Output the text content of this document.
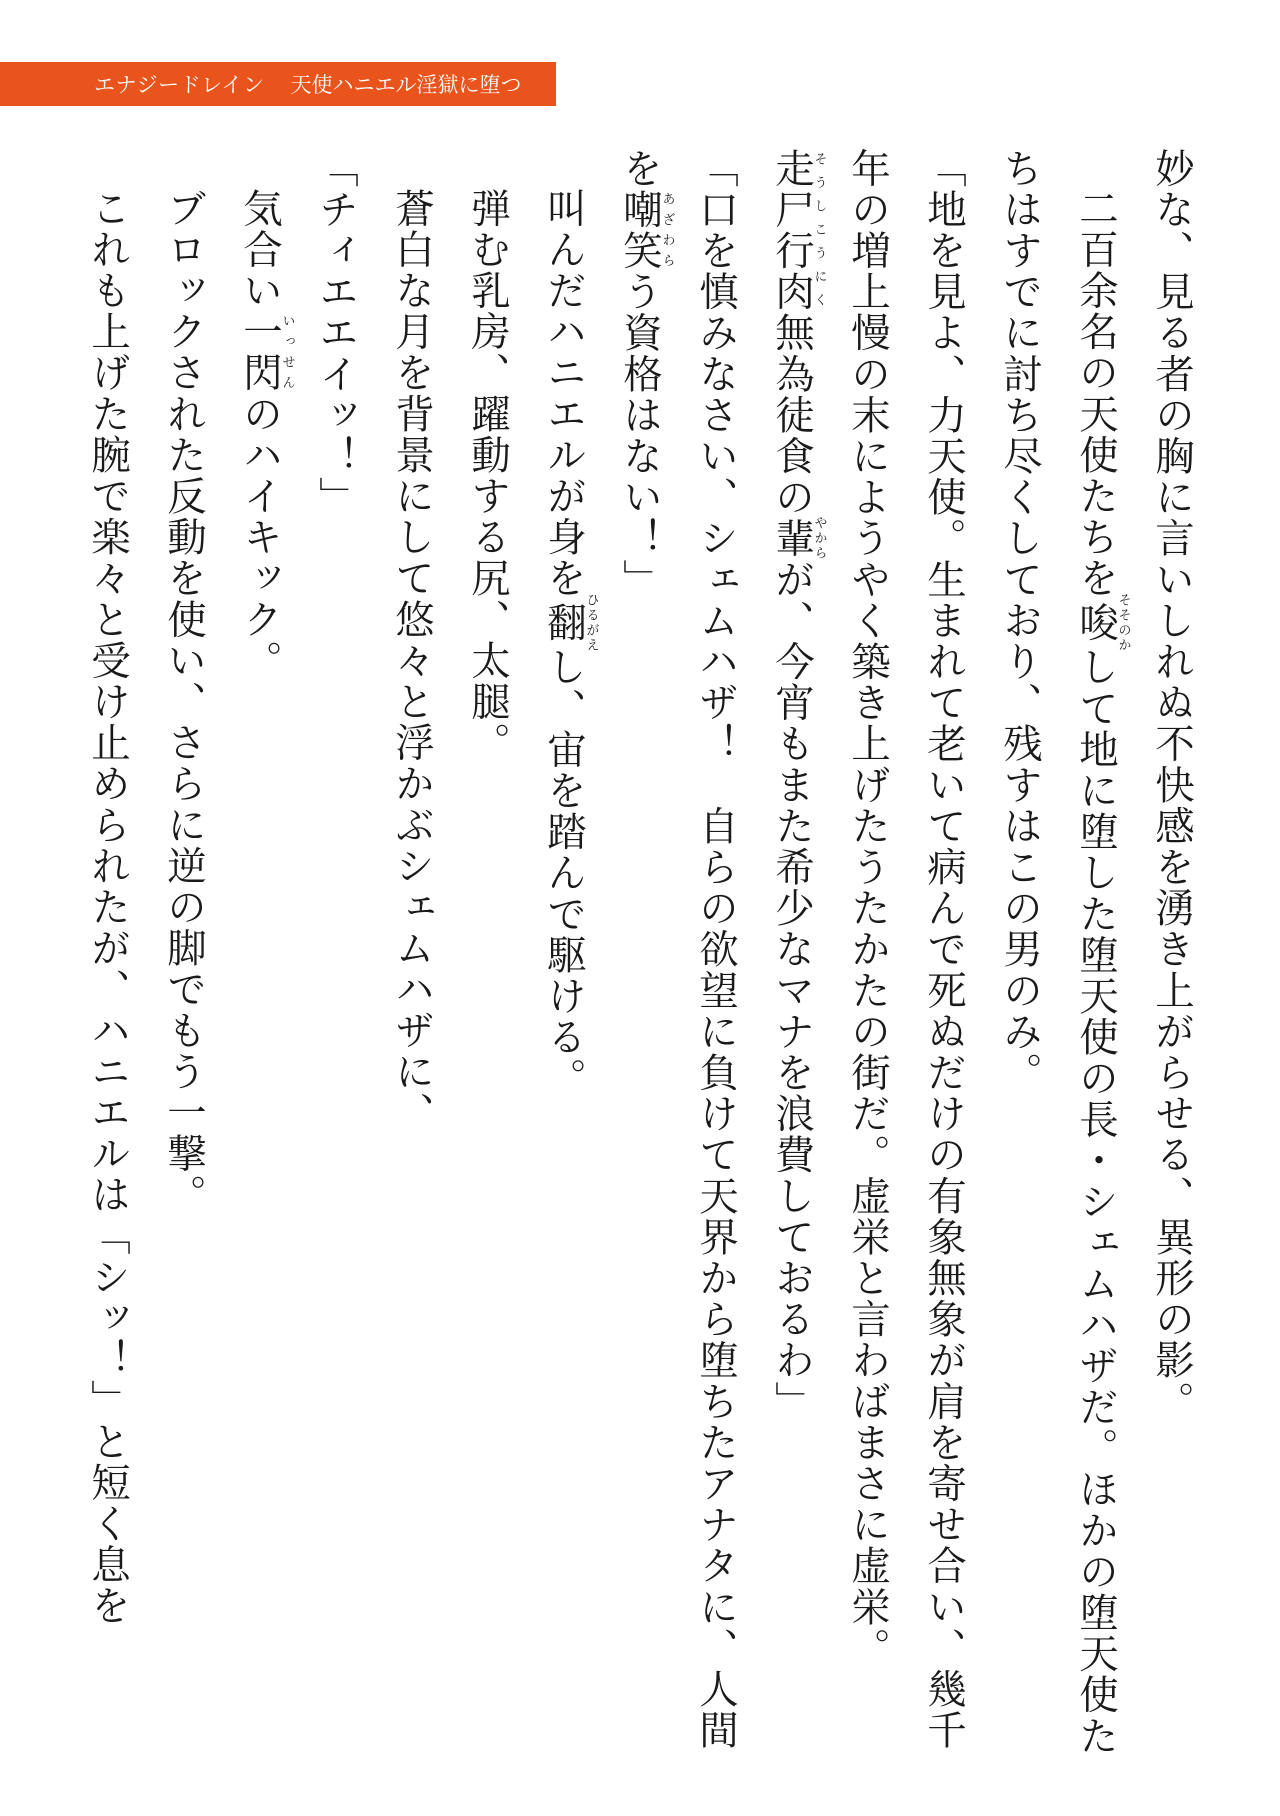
エナジードレイン 天使ハニエル淫獄に堕つ

妙な、見る者の胸に言いしれぬ不快感を湧き上がらせる、異形の影。

二百余名の天使たちを唆そそのかして地に堕した堕天使の長・シェムハザだ。ほかの堕天使たちはすでに討ち尽くしており、残すはこの男のみ。

「地を見よ、力天使。生まれて老いて病んで死ぬだけの有象無象が肩を寄せ合い、幾千年の増上慢の末にようやく築き上げたうたかたの街だ。虚栄と言わばまさに虚栄。走尸行肉そうしこうにく無為徒食の輩やからが、今宵もまた希少なマナを浪費しておるわ」

「口を慎みなさい、シェムハザ！　自らの欲望に負けて天界から堕ちたアナタに、人間を嘲笑あざわらう資格はない！」

叫んだハニエルが身を翻ひるがえし、宙を踏んで駆ける。

弾む乳房、躍動する尻、太腿。

蒼白な月を背景にして悠々と浮かぶシェムハザに、

「チィエエイッ！」

気合い一閃いっせんのハイキック。

ブロックされた反動を使い、さらに逆の脚でもう一撃。

これも上げた腕で楽々と受け止められたが、ハニエルは「シッ！」と短く息を
